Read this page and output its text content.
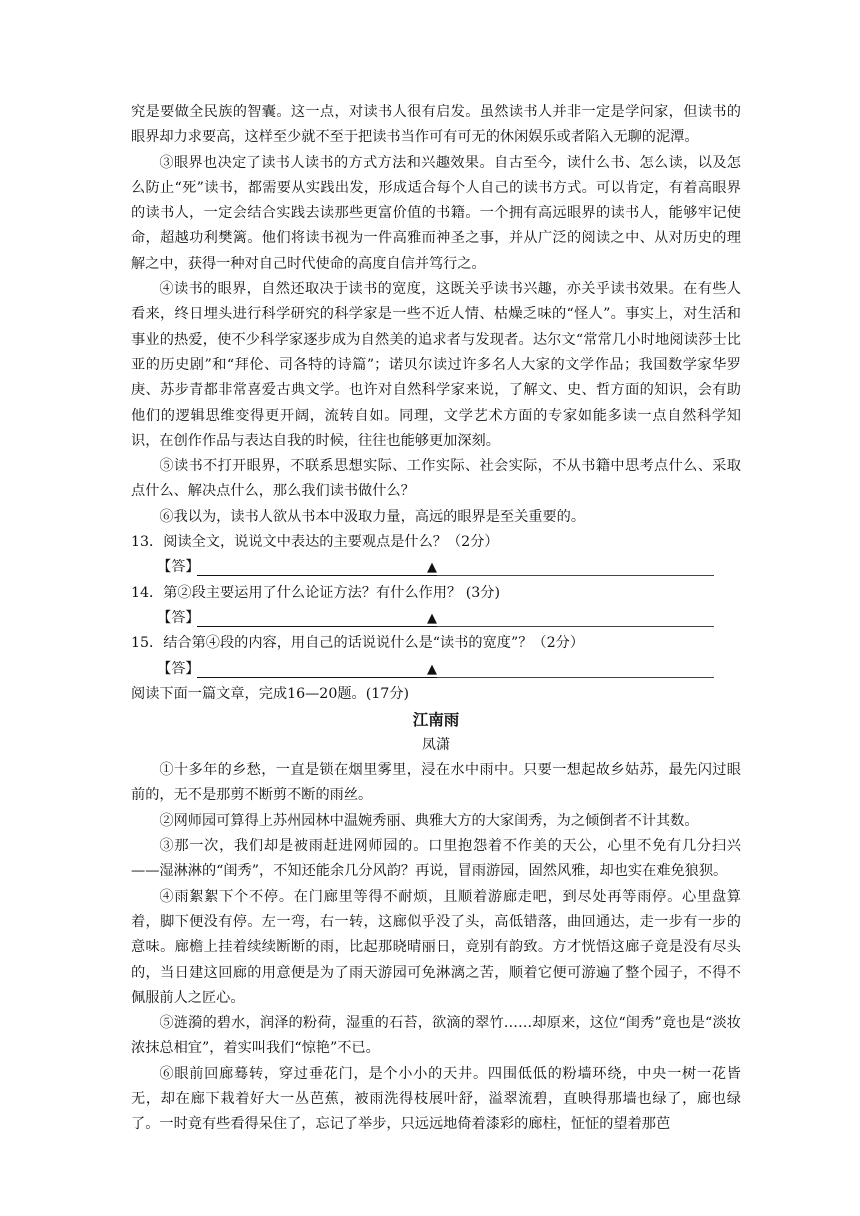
究是要做全民族的智囊。这一点，对读书人很有启发。虽然读书人并非一定是学问家，但读书的眼界却力求要高，这样至少就不至于把读书当作可有可无的休闲娱乐或者陷入无聊的泥潭。

③眼界也决定了读书人读书的方式方法和兴趣效果。自古至今，读什么书、怎么读，以及怎么防止“死”读书，都需要从实践出发，形成适合每个人自己的读书方式。可以肯定，有着高眼界的读书人，一定会结合实践去读那些更富价值的书籍。一个拥有高远眼界的读书人，能够牢记使命，超越功利樊篱。他们将读书视为一件高雅而神圣之事，并从广泛的阅读之中、从对历史的理解之中，获得一种对自己时代使命的高度自信并笃行之。

④读书的眼界，自然还取决于读书的宽度，这既关乎读书兴趣，亦关乎读书效果。在有些人看来，终日埋头进行科学研究的科学家是一些不近人情、枯燥乏味的“怪人”。事实上，对生活和事业的热爱，使不少科学家逐步成为自然美的追求者与发现者。达尔文“常常几小时地阅读莎士比亚的历史剧”和“拜伦、司各特的诗篇”；诺贝尔读过许多名人大家的文学作品；我国数学家华罗庚、苏步青都非常喜爱古典文学。也许对自然科学家来说，了解文、史、哲方面的知识，会有助他们的逻辑思维变得更开阔，流转自如。同理，文学艺术方面的专家如能多读一点自然科学知识，在创作作品与表达自我的时候，往往也能够更加深刻。

⑤读书不打开眼界，不联系思想实际、工作实际、社会实际，不从书籍中思考点什么、采取点什么、解决点什么，那么我们读书做什么？

⑥我以为，读书人欲从书本中汲取力量，高远的眼界是至关重要的。

13．阅读全文，说说文中表达的主要观点是什么？（2分）

【答】	▲

14．第②段主要运用了什么论证方法？有什么作用？ (3分)

【答】	▲

15．结合第④段的内容，用自己的话说说什么是“读书的宽度”？（2分）

【答】	▲

阅读下面一篇文章，完成16—20题。(17分)

江南雨
凤潇

①十多年的乡愁，一直是锁在烟里雾里，浸在水中雨中。只要一想起故乡姑苏，最先闪过眼前的，无不是那剪不断剪不断的雨丝。

②网师园可算得上苏州园林中温婉秀丽、典雅大方的大家闺秀，为之倾倒者不计其数。

③那一次，我们却是被雨赶进网师园的。口里抱怨着不作美的天公，心里不免有几分扫兴——湿淋淋的“闺秀”，不知还能余几分风韵？再说，冒雨游园，固然风雅，却也实在难免狼狈。

④雨絮絮下个不停。在门廊里等得不耐烦，且顺着游廊走吧，到尽处再等雨停。心里盘算着，脚下便没有停。左一弯，右一转，这廊似乎没了头，高低错落，曲回通达，走一步有一步的意味。廊檐上挂着续续断断的雨，比起那晓晴丽日，竟别有韵致。方才恍悟这廊子竟是没有尽头的，当日建这回廊的用意便是为了雨天游园可免淋漓之苦，顺着它便可游遍了整个园子，不得不佩服前人之匠心。

⑤涟漪的碧水，润泽的粉荷，湿重的石苔，欲滴的翠竹……却原来，这位“闺秀”竟也是“淡妆浓抹总相宜”，着实叫我们“惊艳”不已。

⑥眼前回廊蓦转，穿过垂花门，是个小小的天井。四围低低的粉墙环绕，中央一树一花皆无，却在廊下栽着好大一丛芭蕉，被雨洗得枝展叶舒，溢翠流碧，直映得那墙也绿了，廊也绿了。一时竟有些看得呆住了，忘记了举步，只远远地倚着漆彩的廊柱，怔怔的望着那芭
